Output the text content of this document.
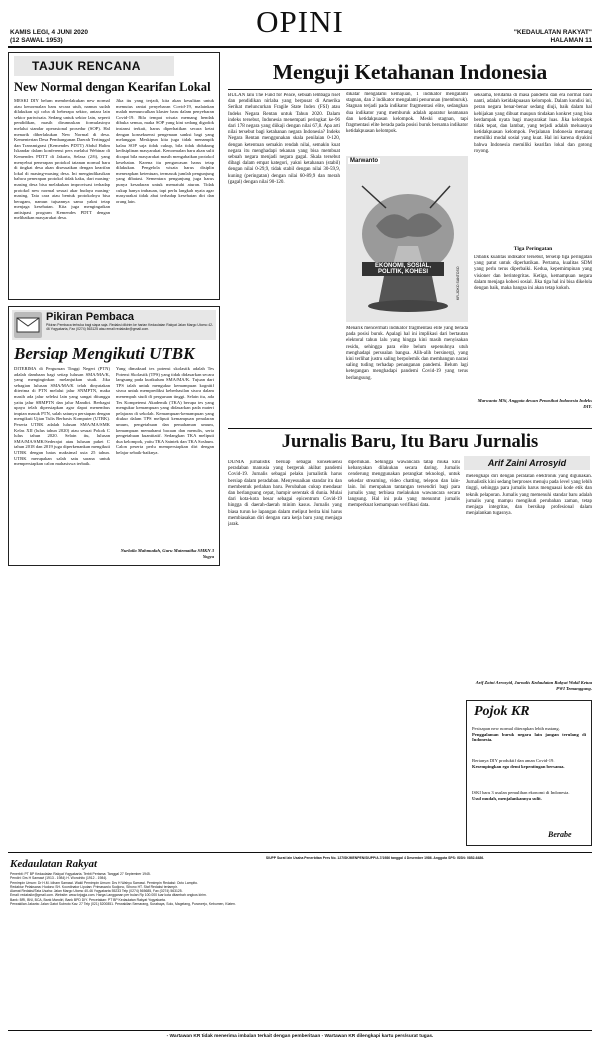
KAMIS LEGI, 4 JUNI 2020
(12 SAWAL 1953)
OPINI	"KEDAULATAN RAKYAT"
HALAMAN 11
TAJUK RENCANA
New Normal dengan Kearifan Lokal
MESKI DIY belum memberlakukan new normal atau kenormalan baru secara utuh, namun sudah dilakukan uji coba di beberapa sektor, antara lain sektor pariwisata. Sedang untuk sektor lain, seperti pendidikan, masih dirumuskan formulasinya melalui standar operasional prosedur (SOP). Hal menarik diberlakukan New Normal di desa. Kementerian Desa Pembangunan Daerah Tertinggal dan Transmigrasi (Kemendes PDTT) Abdul Halim Iskandar dalam konferensi pers melalui Webinar di Kemendes PDTT di Jakarta, Selasa (2/6), yang menyebut penerapan protokol tatanan normal baru di tingkat desa akan disesuaikan dengan kearifan lokal di masing-masing desa. Ini mengindikasikan bahwa penerapan protokol tidak kaku, dari masing-masing desa bisa melakukan improvisasi terhadap protokol new normal sesuai akar budaya masing-masing. Tata cara atau bentuk protokolnya bisa beragam, namun tujuannya sama yakni tetap menjaga kesehatan. Kita juga mengingatkan antisipasi program Kemendes PDTT dengan melibatkan masyarakat desa.
Jika itu yang terjadi, kita akan kesulitan untuk memutus rantai penyebaran Covid-19, malainkan malah memunculkan klaster baru dalam penyebaran Covid-19. Bila tempat wisata memang hendak dibuka semua, maka SOP yang kini sedang digodok instansi terkait, harus diperhatikan secara ketat dengan konsekuensi pengenaan sanksi bagi yang melanggar. Meskipun kita juga tidak menampik kalau SOP saja tidak cukup, bila tidak didukung kedisiplinan masyarakat. Kenormalan baru akan sulit dicapai bila masyarakat masih mengabaikan protokol kesehatan. Karena itu pengawasan harus tetap dilakukan. Pengelola wisata harus disiplin menerapkan ketentuan, termasuk jumlah pengunjung yang dibatasi. Sementara pengunjung juga harus punya kesadaran untuk mematuhi aturan. Tidak cukup hanya imbauan, tapi perlu langkah nyata agar masyarakat tidak abai terhadap kesehatan diri dan orang lain.
Pikiran Pembaca
Pikiran Pembaca terbuka bagi siapa saja. Redaksi dikirim ke harian Kedaulatan Rakyat Jalan Margo Utomo 42-46 Yogyakarta, Fax (0274) 563125 atau email redaksikr@gmail.com.
Bersiap Mengikuti UTBK
DITERIMA di Perguruan Tinggi Negeri (PTN) adalah dambaan bagi setiap lulusan SMA/MA/K, yang menginginkan melanjutkan studi. Jika sebagian lulusan SMA/MA/K telah dinyatakan diterima di PTN melalui jalur SNMPTN, maka masih ada jalur seleksi lain yang sangat ditunggu yaitu jalur SBMPTN dan jalur Mandiri. Berbagai upaya telah dipersiapkan agar dapat menembus impian masuk PTN, salah satunya persiapan dengan mengikuti Ujian Tulis Berbasis Komputer (UTBK). Peserta UTBK adalah lulusan SMA/MA/SMK Kelas XII (lulus tahun 2020) atau sesuai Pokok C lulus tahun 2020. Selain itu, lulusan SMA/MA/SMK/Sederajat atau lulusan paket C tahun 2018 dan 2019 juga diperkenankan mengikuti UTBK dengan batas maksimal usia 25 tahun. UTBK merupakan salah satu sarana untuk mempersiapkan calon mahasiswa terbaik.
Yang dimaksud tes potensi skolastik adalah Tes Potensi Skolastik (TPS) yang tidak didasarkan secara langsung pada kurikulum SMA/MA/K. Tujuan dari TPS ialah untuk mengukur kemampuan kognitif siswa untuk memprediksi keberhasilan siswa dalam menempuh studi di perguruan tinggi. Selain itu, ada Tes Kompetensi Akademik (TKA) berupa tes yang mengukur kemampuan yang didasarkan pada materi pelajaran di sekolah. Kemampuan-kemampuan yang diukur dalam TPS meliputi kemampuan penalaran umum, pengetahuan dan pemahaman umum, kemampuan memahami bacaan dan menulis, serta pengetahuan kuantitatif. Sedangkan TKA meliputi dua kelompok, yaitu TKA Saintek dan TKA Soshum. Calon peserta perlu mempersiapkan diri dengan belajar sebaik-baiknya.
Nurlaila Mahmudah, Guru Matematika SMKN 3 Yogya
Menguji Ketahanan Indonesia
BULAN lalu The Fund for Peace, sebuah lembaga riset dan pendidikan nirlaba yang berpusat di Amerika Serikat meluncurkan Fragile State Index (FSI) atau Indeks Negara Rentan untuk Tahun 2020. Dalam indeks tersebut, Indonesia menempati peringkat ke-96 dari 178 negara yang diikaji dengan nilai 67,8. Apa arti nilai tersebut bagi ketahanan negara Indonesia? Indeks Negara Rentan menggunakan skala penilaian 0-120, dengan ketentuan semakin rendah nilai, semakin kuat negara itu menghadapi tekanan yang bisa membuat sebuah negara menjadi negara gagal. Skala tersebut dibagi dalam empat kategori, yakni ketahanan (stabil) dengan nilai 0-29,9, tidak stabil dengan nilai 30-59,9, kuning (peringatan) dengan nilai 60-89,9 dan merah (gagal) dengan nilai 90-120.
dikatar mengalami kemajuan, 1 indikator mengalami stagnan, dan 2 indikator mengalami penurunan (memburuk). Stagnan terjadi pada indikator fragmentasi elite, sedangkan dua indikator yang memburuk adalah aparatur keamanan dan ketidakpuasan kelompok. Meski stagnan, tapi fragmentasi elite berada pada posisi buruk bersama indikator ketidakpuasan kelompok.
Marwanto
EKONOMI, SOSIAL, POLITIK, KOHESI	KR-JOKO SANTOSO
Menarik mencermati indikator fragmentasi elite yang berada pada posisi buruk. Apalagi hal ini implikasi dari bertautan elektoral tahun lalu yang hingga kini masih menyisakan residu, sehingga para elite belum sepenuhnya utuh menghadapi persoalan bangsa. Alih-alih bersinergi, yang kini terlihat justru saling berpolemik dan membangun narasi saling tuding terhadap penanganan pandemi. Belum lagi ketegangan menghadapi pandemi Covid-19 yang terus berlangsung.
seksama, terutama di masa pandemi dan era normal baru nanti, adalah ketidakpuasan kelompok. Dalam kondisi ini, peran negara benar-benar sedang diuji, baik dalam hal kebijakan yang dibuat maupun tindakan konkret yang bisa berdampak nyata bagi masyarakat luas. Jika kelompok tidak tepat, dan lambat, yang terjadi adalah meluasnya ketidakpuasan kelompok. Perjalanan Indonesia memang memiliki modal sosial yang kuat. Hal ini karena diyakini bahwa Indonesia memiliki kearifan lokal dan gotong royong.
Tiga Peringatan
Dibalik kualitas indikator tersebut, terselip tiga peringatan yang patut untuk diperhatikan. Pertama, kualitas SDM yang perlu terus diperbaiki. Kedua, kepemimpinan yang visioner dan berintegritas. Ketiga, kemampuan negara dalam menjaga kohesi sosial. Jika tiga hal ini bisa dikelola dengan baik, maka bangsa ini akan tetap kokoh.
Marwanto MSi, Anggota dewan Penasihat Indonesia Indeks DIY.
Jurnalis Baru, Itu Baru Jurnalis
Arif Zaini Arrosyid
DUNIA jurnalistik bersiap sebagai konsekuensi peradaban manusia yang bergerak akibat pandemi Covid-19. Jurnalis sebagai pelaku jurnalistik harus bersiap dalam peradaban. Menyesuaikan standar itu dan membentuk perlahan baru. Perubahan cukup mendasar dan berlangsung cepat, hampir serentak di dunia. Mulai dari kota-kota besar sebagai epicentrum Covid-19 hingga di daerah-daerah minim kasus. Jurnalis yang biasa turun ke lapangan dalam meliput berita kini harus membiasakan diri dengan cara kerja baru yang menjaga jarak.
diperlukan. Sehingga wawancara tatap muka kini kebanyakan dilakukan secara daring. Jurnalis cenderung menggunakan perangkat teknologi, untuk sekedar streaming, video chatting, telepon dan lain-lain. Ini merupakan tantangan tersendiri bagi para jurnalis yang terbiasa melakukan wawancara secara langsung. Hal ini pula yang menuntut jurnalis memperkuat kemampuan verifikasi data.
melengkapi diri dengan peralatan elektronik yang digunakan. Jurnalistik kini sedang berproses menuju pada level yang lebih tinggi, sehingga para jurnalis harus menguasai kode etik dan teknik pelaporan. Jurnalis yang memenuhi standar baru adalah jurnalis yang mampu mengikuti perubahan zaman, tetap menjaga integritas, dan bersikap profesional dalam menjalankan tugasnya.
Arif Zaini Arrosyid, Jurnalis Kedaulatan Rakyat Wakil Ketua PWI Temanggung.
Pojok KR
Pesisapan new normal diterapkan lebih matang.
Penggalaman buruk negara lain jangan terulang di Indonesia.
Bertanya DIY produktif dan aman Covid-19.
Kesempingkan ego demi kepentingan bersama.
ISKI baru 3 usulan pemulihan ekonomi di Indonesia.
Usul mudah, menjalankannya sulit.
Berabe
Kedaulatan Rakyat	SIUPP Surat Izin Usaha Penerbitan Pers No. 127/SK/MENPEN/SIUPP/A.7/1986 tanggal 4 Desember 1986. Anggota SPS: ISSN: 0852-6486.
Penerbit: PT BP Kedaulatan Rakyat Yogyakarta. Terbit Pertama: Tanggal 27 September 1945.
Pendiri: Drs H Samawi (1913 - 1984) H. Wonohito (1912 - 1984).
Pemimpin Umum: Dr H.M. Idham Samawi. Wakil Pemimpin Umum: Drs H Wahyu Samawi. Pemimpin Redaksi: Octo Lampito.
Redaktur Pelaksana: Hudono SH. Koordinator Liputan: Primaswolo Sudjono, Sihono HT. Staf Redaksi terlampir.
Alamat Redaksi/Tata Usaha: Jalan Margo Utomo 40-46 Yogyakarta 55233 Telp (0274) 565685, Fax (0274) 563125.
Email: redaksikr@gmail.com. Website: www.krjogja.com. Harga Langganan per bulan Rp 100.000 luar kota ditambah ongkos kirim.
Bank: BRI, BNI, BCA, Bank Mandiri, Bank BPD DIY. Percetakan: PT BP Kedaulatan Rakyat Yogyakarta.
Perwakilan Jakarta: Jalan Gatot Subroto Kav. 27 Telp (021) 5200851. Perwakilan Semarang, Surabaya, Solo, Magelang, Purworejo, Kebumen, Klaten.
- Wartawan KR tidak menerima imbalan terkait dengan pemberitaan - Wartawan KR dilengkapi kartu pers/surat tugas.
